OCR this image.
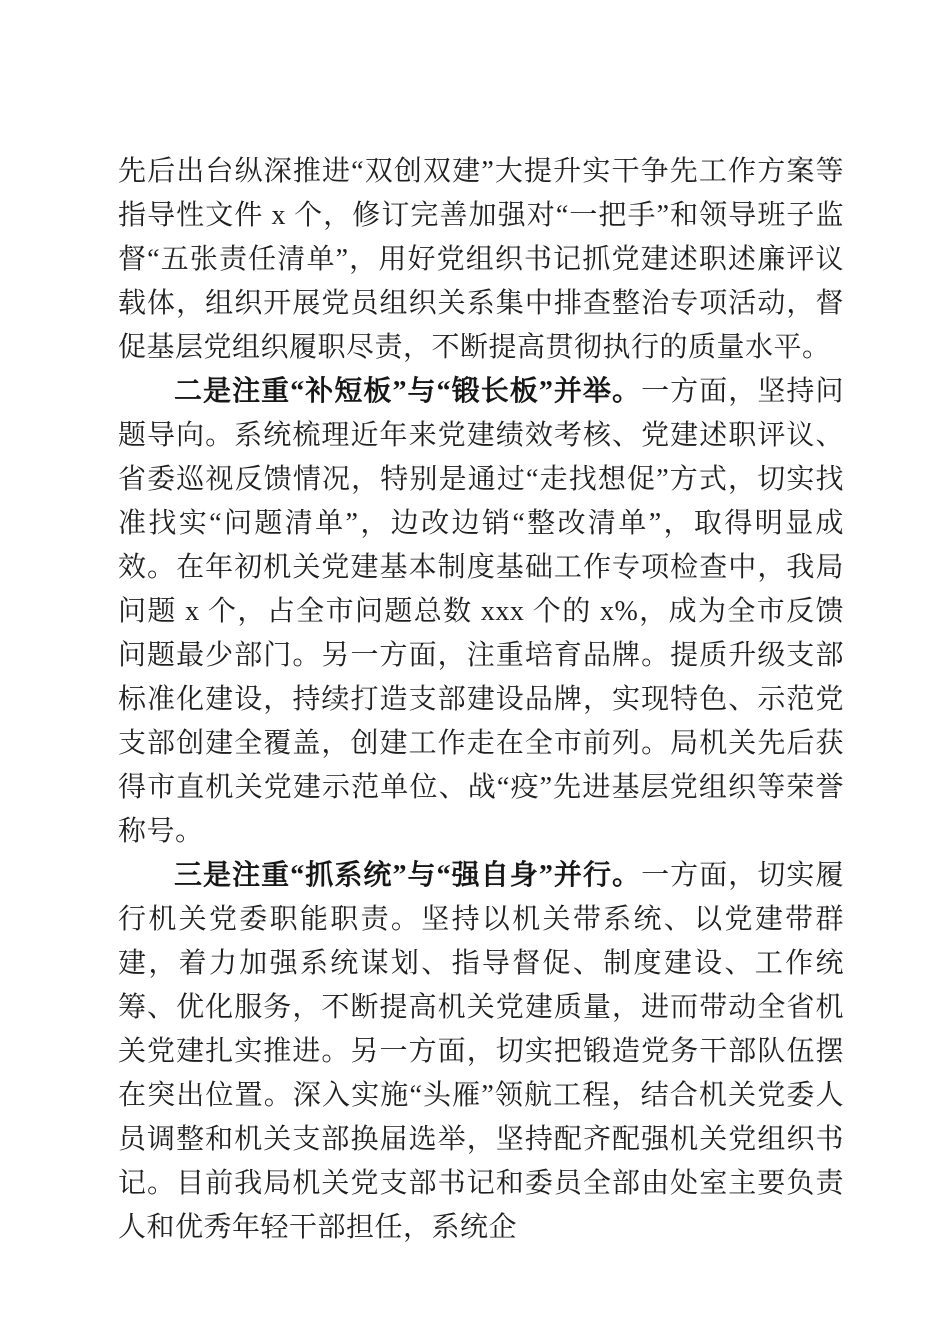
先后出台纵深推进“双创双建”大提升实干争先工作方案等指导性文件 x 个，修订完善加强对“一把手”和领导班子监督“五张责任清单”，用好党组织书记抓党建述职述廉评议载体，组织开展党员组织关系集中排查整治专项活动，督促基层党组织履职尽责，不断提高贯彻执行的质量水平。

二是注重“补短板”与“锻长板”并举。一方面，坚持问题导向。系统梳理近年来党建绩效考核、党建述职评议、省委巡视反馈情况，特别是通过“走找想促”方式，切实找准找实“问题清单”，边改边销“整改清单”，取得明显成效。在年初机关党建基本制度基础工作专项检查中，我局问题 x 个，占全市问题总数 xxx 个的 x%，成为全市反馈问题最少部门。另一方面，注重培育品牌。提质升级支部标准化建设，持续打造支部建设品牌，实现特色、示范党支部创建全覆盖，创建工作走在全市前列。局机关先后获得市直机关党建示范单位、战“疫”先进基层党组织等荣誉称号。

三是注重“抓系统”与“强自身”并行。一方面，切实履行机关党委职能职责。坚持以机关带系统、以党建带群建，着力加强系统谋划、指导督促、制度建设、工作统筹、优化服务，不断提高机关党建质量，进而带动全省机关党建扎实推进。另一方面，切实把锻造党务干部队伍摆在突出位置。深入实施“头雁”领航工程，结合机关党委人员调整和机关支部换届选举，坚持配齐配强机关党组织书记。目前我局机关党支部书记和委员全部由处室主要负责人和优秀年轻干部担任，系统企
